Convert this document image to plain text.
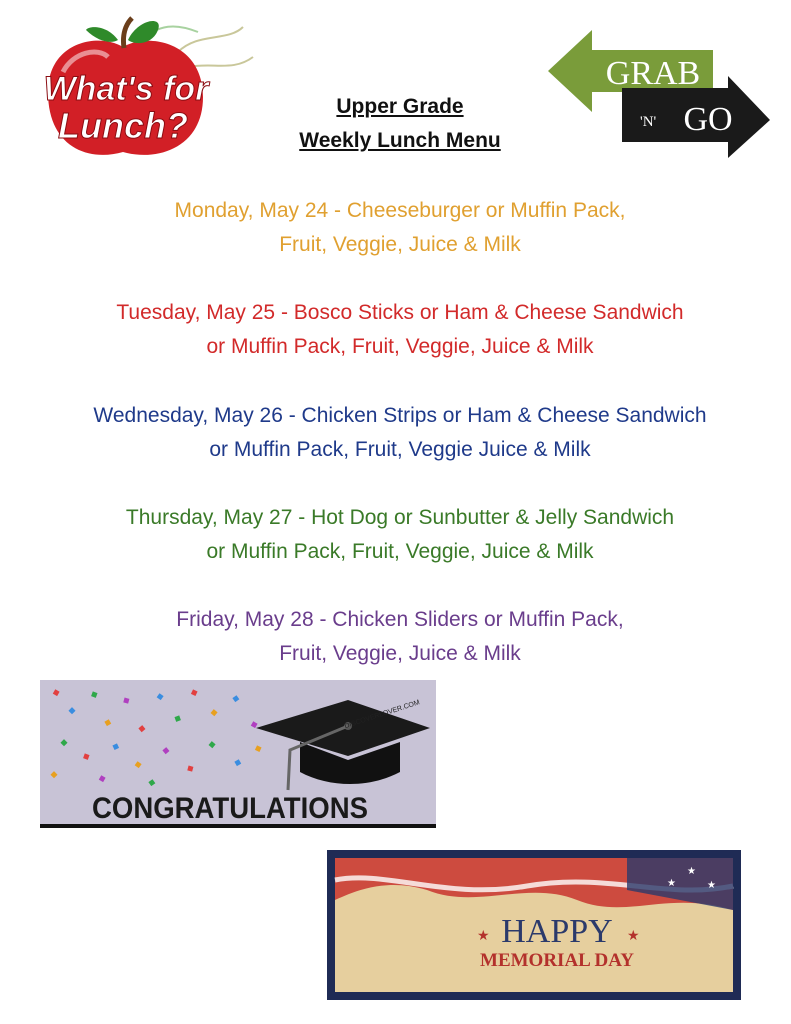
What's for
Lunch?	Upper Grade
Weekly Lunch Menu
GRAB
'N' GO
Monday, May 24 - Cheeseburger or Muffin Pack,
Fruit, Veggie, Juice & Milk
Tuesday, May 25 - Bosco Sticks or Ham & Cheese Sandwich
or Muffin Pack, Fruit, Veggie, Juice & Milk
Wednesday, May 26 - Chicken Strips or Ham & Cheese Sandwich
or Muffin Pack, Fruit, Veggie Juice & Milk
Thursday, May 27 - Hot Dog or Sunbutter & Jelly Sandwich
or Muffin Pack, Fruit, Veggie, Juice & Milk
Friday, May 28 - Chicken Sliders or Muffin Pack,
Fruit, Veggie, Juice & Milk
DISCOVERLOVER.COM
CONGRATULATIONS
★
★
★
★	★
HAPPY
MEMORIAL DAY
